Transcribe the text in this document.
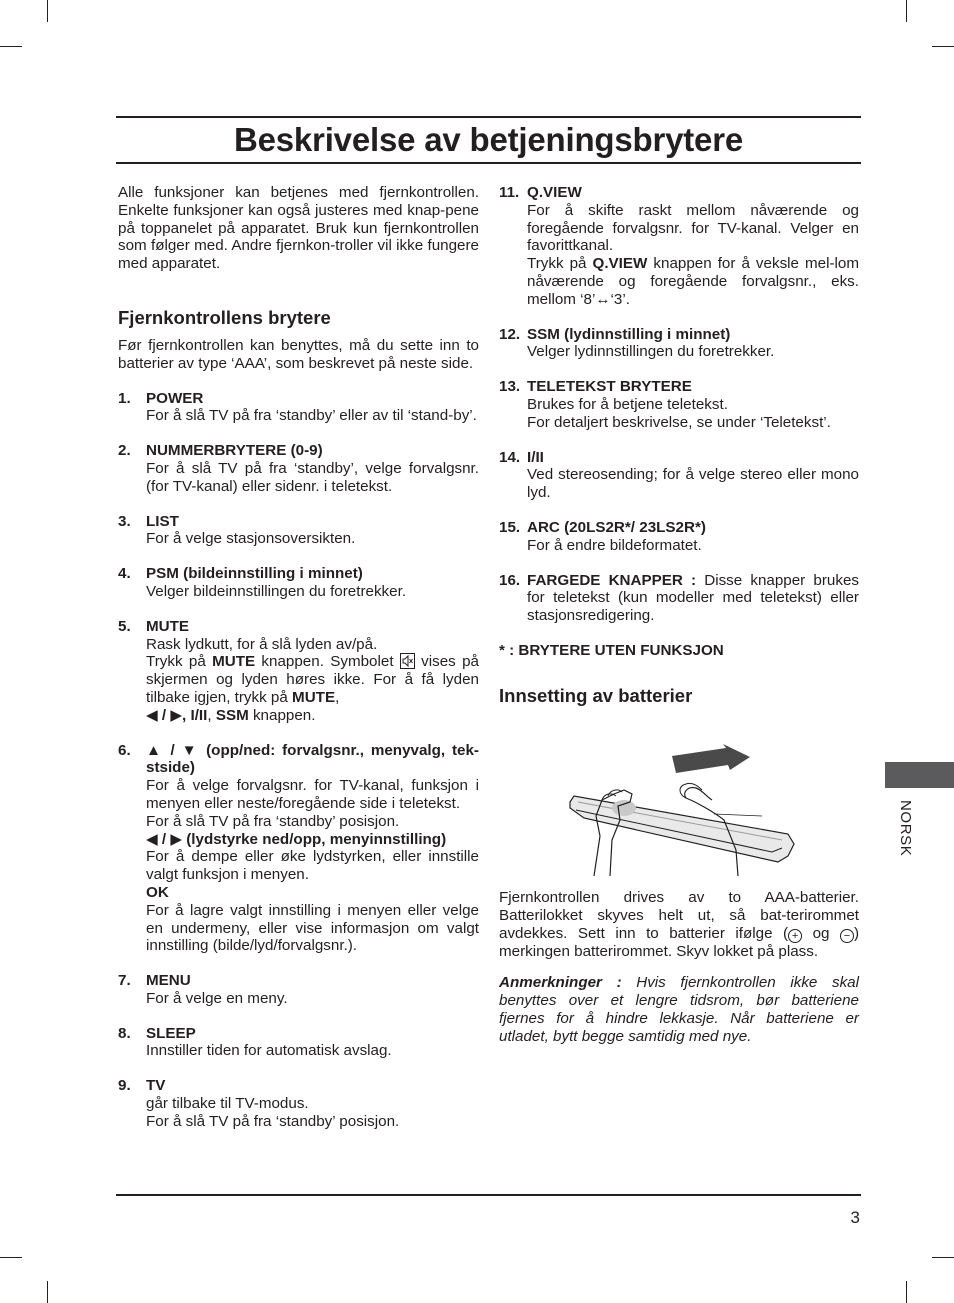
Beskrivelse av betjeningsbrytere

Alle funksjoner kan betjenes med fjernkontrollen. Enkelte funksjoner kan også justeres med knap-pene på toppanelet på apparatet. Bruk kun fjernkontrollen som følger med. Andre fjernkon-troller vil ikke fungere med apparatet.

Fjernkontrollens brytere

Før fjernkontrollen kan benyttes, må du sette inn to batterier av type ‘AAA’, som beskrevet på neste side.

1. POWER

For å slå TV på fra ‘standby’ eller av til ‘stand-by’.

2. NUMMERBRYTERE (0-9)

For å slå TV på fra ‘standby’, velge forvalgsnr. (for TV-kanal) eller sidenr. i teletekst.

3. LIST

For å velge stasjonsoversikten.

4. PSM (bildeinnstilling i minnet)

Velger bildeinnstillingen du foretrekker.

5. MUTE

Rask lydkutt, for å slå lyden av/på.

Trykk på MUTE knappen. Symbolet  vises på skjermen og lyden høres ikke. For å få lyden tilbake igjen, trykk på MUTE,

◀ / ▶, I/II, SSM knappen.

6. ▲ / ▼ (opp/ned: forvalgsnr., menyvalg, tek-stside)

For å velge forvalgsnr. for TV-kanal, funksjon i menyen eller neste/foregående side i teletekst.

For å slå TV på fra ‘standby’ posisjon.

◀ / ▶ (lydstyrke ned/opp, menyinnstilling)

For å dempe eller øke lydstyrken, eller innstille valgt funksjon i menyen.

OK

For å lagre valgt innstilling i menyen eller velge en undermeny, eller vise informasjon om valgt innstilling (bilde/lyd/forvalgsnr.).

7. MENU

For å velge en meny.

8. SLEEP

Innstiller tiden for automatisk avslag.

9. TV

går tilbake til TV-modus.

For å slå TV på fra ‘standby’ posisjon.

11. Q.VIEW

For å skifte raskt mellom nåværende og foregående forvalgsnr. for TV-kanal. Velger en favorittkanal.

Trykk på Q.VIEW knappen for å veksle mel-lom nåværende og foregående forvalgsnr., eks. mellom ‘8’↔‘3’.

12. SSM (lydinnstilling i minnet)

Velger lydinnstillingen du foretrekker.

13. TELETEKST BRYTERE

Brukes for å betjene teletekst.

For detaljert beskrivelse, se under ‘Teletekst’.

14. I/II

Ved stereosending; for å velge stereo eller mono lyd.

15. ARC (20LS2R*/ 23LS2R*)

For å endre bildeformatet.

16. FARGEDE KNAPPER : Disse knapper brukes for teletekst (kun modeller med teletekst) eller stasjonsredigering.

* : BRYTERE UTEN FUNKSJON

Innsetting av batterier

Fjernkontrollen drives av to AAA-batterier. Batterilokket skyves helt ut, så bat-terirommet avdekkes. Sett inn to batterier ifølge ( + og − ) merkingen batterirommet. Skyv lokket på plass.

Anmerkninger : Hvis fjernkontrollen ikke skal benyttes over et lengre tidsrom, bør batteriene fjernes for å hindre lekkasje. Når batteriene er utladet, bytt begge samtidig med nye.

NORSK
3
